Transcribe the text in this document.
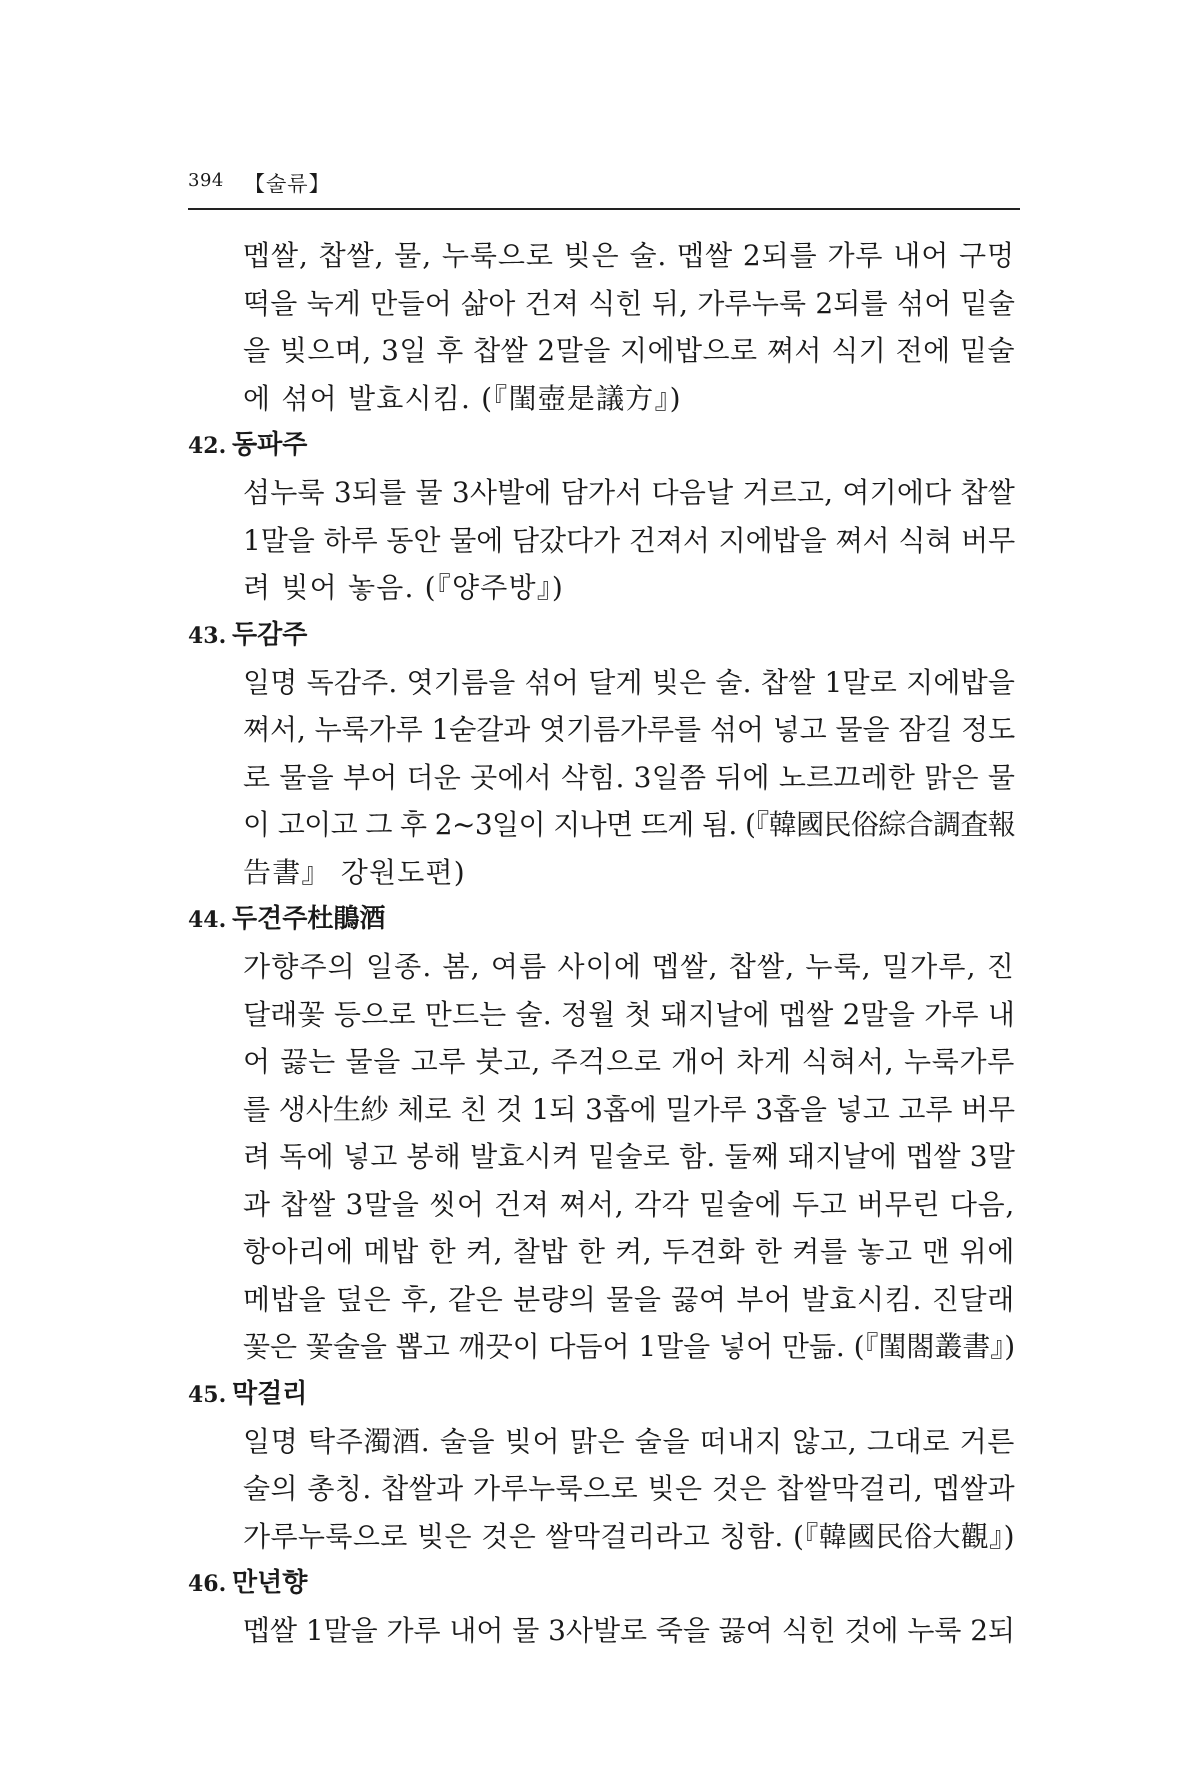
394 【술류】
멥쌀, 찹쌀, 물, 누룩으로 빚은 술. 멥쌀 2되를 가루 내어 구멍
떡을 눅게 만들어 삶아 건져 식힌 뒤, 가루누룩 2되를 섞어 밑술
을 빚으며, 3일 후 찹쌀 2말을 지에밥으로 쪄서 식기 전에 밑술
에 섞어 발효시킴. (『閨壺是議方』)
42. 동파주
섬누룩 3되를 물 3사발에 담가서 다음날 거르고, 여기에다 찹쌀
1말을 하루 동안 물에 담갔다가 건져서 지에밥을 쪄서 식혀 버무
려 빚어 놓음. (『양주방』)
43. 두감주
일명 독감주. 엿기름을 섞어 달게 빚은 술. 찹쌀 1말로 지에밥을
쪄서, 누룩가루 1숟갈과 엿기름가루를 섞어 넣고 물을 잠길 정도
로 물을 부어 더운 곳에서 삭힘. 3일쯤 뒤에 노르끄레한 맑은 물
이 고이고 그 후 2~3일이 지나면 뜨게 됨. (『韓國民俗綜合調査報
告書』 강원도편)
44. 두견주杜鵑酒
가향주의 일종. 봄, 여름 사이에 멥쌀, 찹쌀, 누룩, 밀가루, 진
달래꽃 등으로 만드는 술. 정월 첫 돼지날에 멥쌀 2말을 가루 내
어 끓는 물을 고루 붓고, 주걱으로 개어 차게 식혀서, 누룩가루
를 생사生紗 체로 친 것 1되 3홉에 밀가루 3홉을 넣고 고루 버무
려 독에 넣고 봉해 발효시켜 밑술로 함. 둘째 돼지날에 멥쌀 3말
과 찹쌀 3말을 씻어 건져 쪄서, 각각 밑술에 두고 버무린 다음,
항아리에 메밥 한 켜, 찰밥 한 켜, 두견화 한 켜를 놓고 맨 위에
메밥을 덮은 후, 같은 분량의 물을 끓여 부어 발효시킴. 진달래
꽃은 꽃술을 뽑고 깨끗이 다듬어 1말을 넣어 만듦. (『閨閤叢書』)
45. 막걸리
일명 탁주濁酒. 술을 빚어 맑은 술을 떠내지 않고, 그대로 거른
술의 총칭. 찹쌀과 가루누룩으로 빚은 것은 찹쌀막걸리, 멥쌀과
가루누룩으로 빚은 것은 쌀막걸리라고 칭함. (『韓國民俗大觀』)
46. 만년향
멥쌀 1말을 가루 내어 물 3사발로 죽을 끓여 식힌 것에 누룩 2되
